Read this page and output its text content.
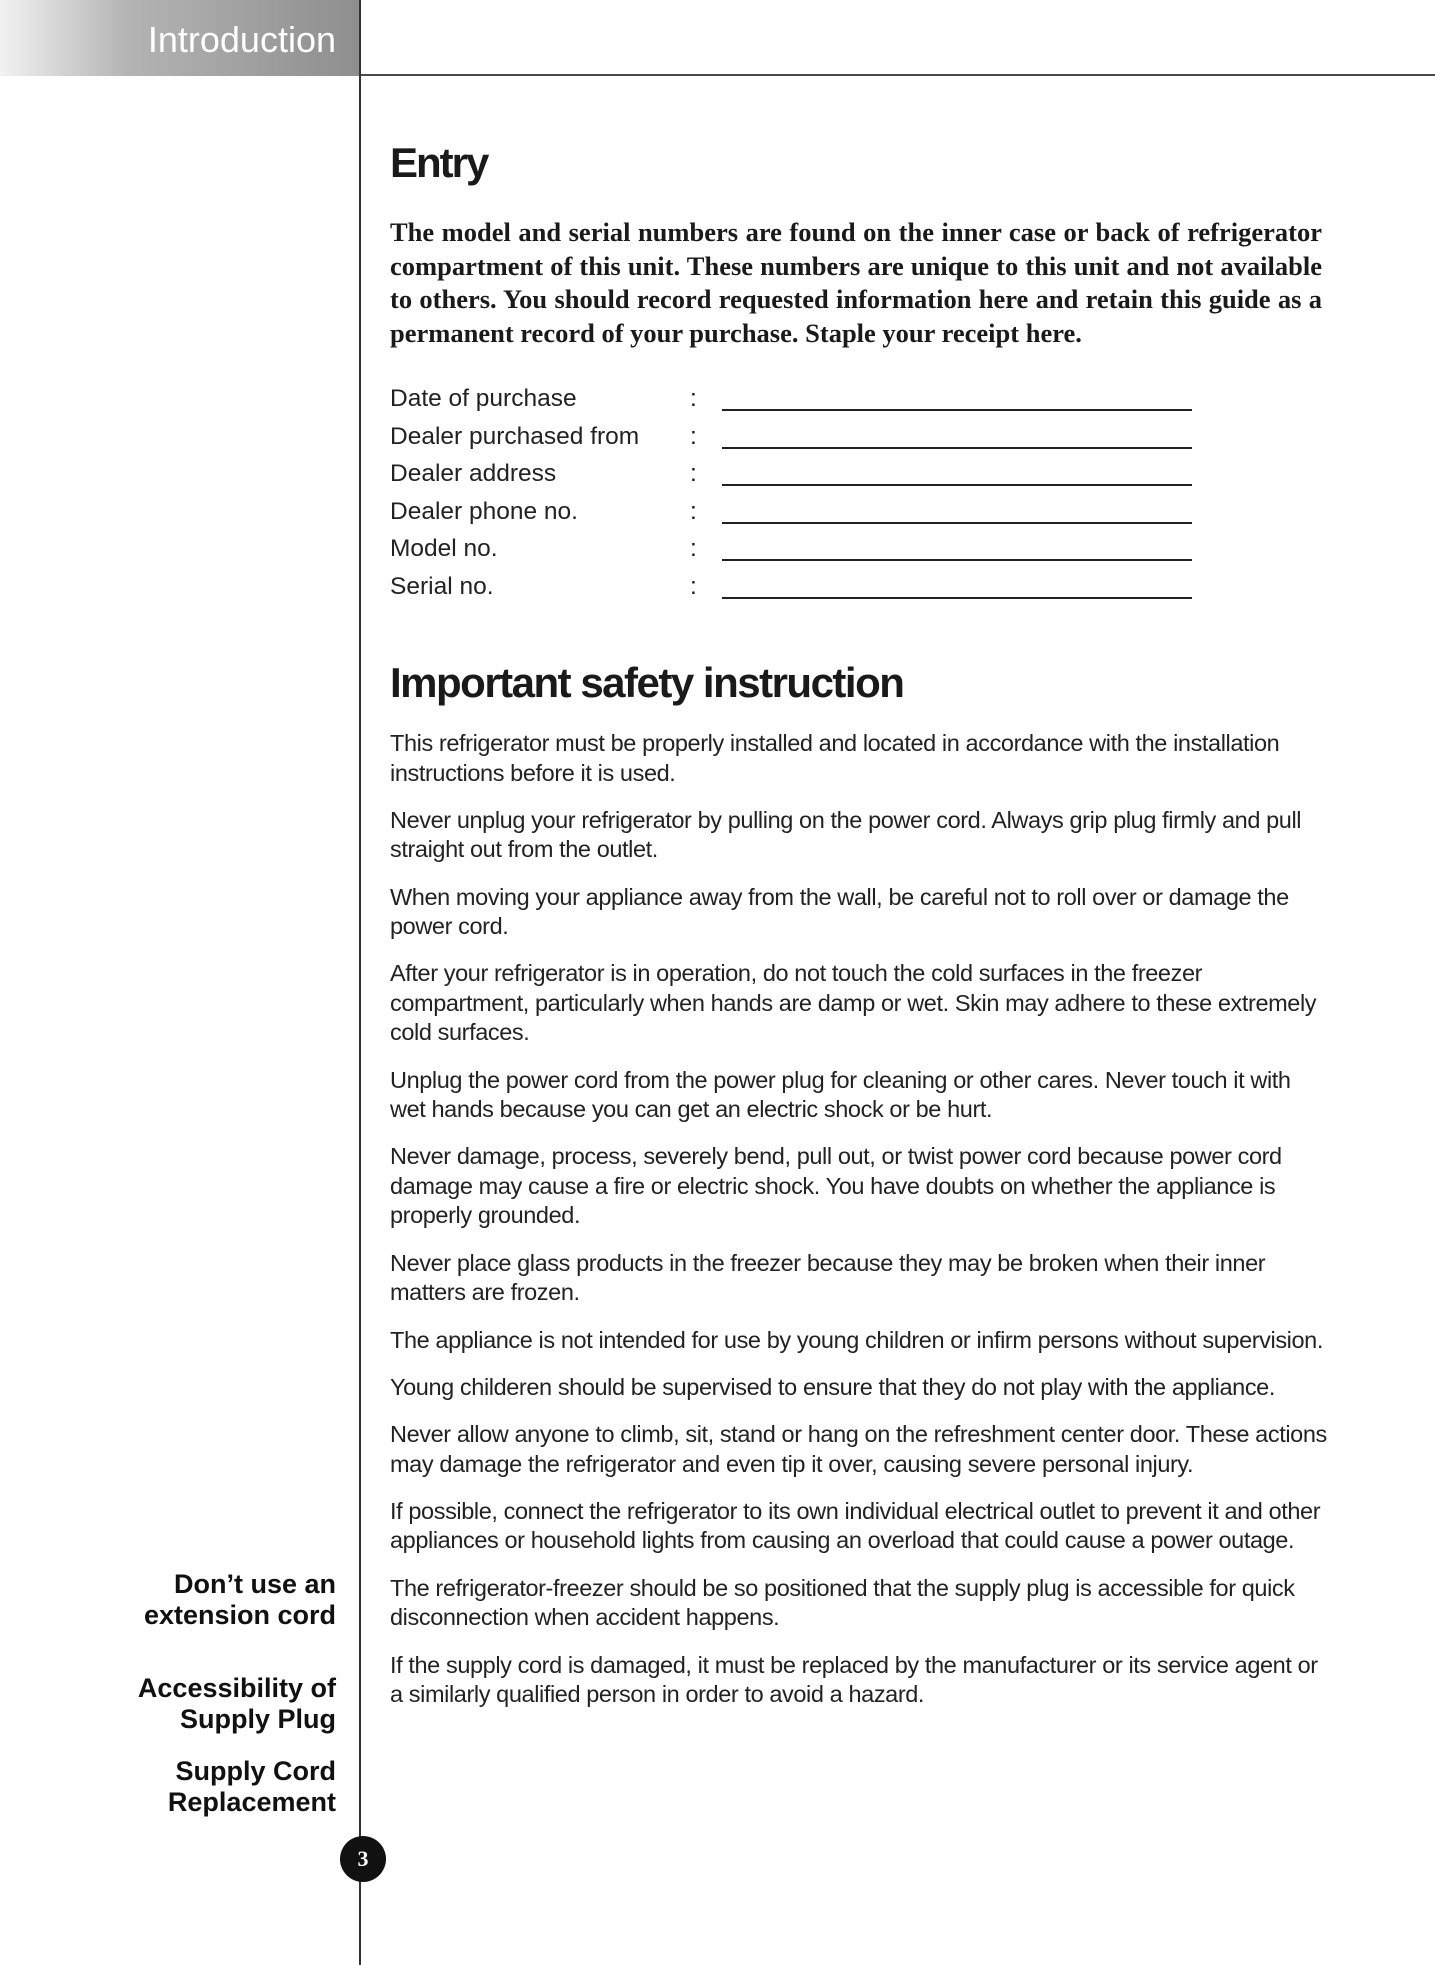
Introduction
Entry

The model and serial numbers are found on the inner case or back of refrigerator compartment of this unit. These numbers are unique to this unit and not available to others. You should record requested information here and retain this guide as a permanent record of your purchase. Staple your receipt here.

Date of purchase	:
Dealer purchased from :
Dealer address	:
Dealer phone no.	:
Model no.	:
Serial no.	:
Important safety instruction

This refrigerator must be properly installed and located in accordance with the installation instructions before it is used.

Never unplug your refrigerator by pulling on the power cord. Always grip plug firmly and pull straight out from the outlet.

When moving your appliance away from the wall, be careful not to roll over or damage the power cord.

After your refrigerator is in operation, do not touch the cold surfaces in the freezer compartment, particularly when hands are damp or wet. Skin may adhere to these extremely cold surfaces.

Unplug the power cord from the power plug for cleaning or other cares. Never touch it with wet hands because you can get an electric shock or be hurt.

Never damage, process, severely bend, pull out, or twist power cord because power cord damage may cause a fire or electric shock. You have doubts on whether the appliance is properly grounded.

Never place glass products in the freezer because they may be broken when their inner matters are frozen.

The appliance is not intended for use by young children or infirm persons without supervision.

Young childeren should be supervised to ensure that they do not play with the appliance.

Never allow anyone to climb, sit, stand or hang on the refreshment center door. These actions may damage the refrigerator and even tip it over, causing severe personal injury.

If possible, connect the refrigerator to its own individual electrical outlet to prevent it and other appliances or household lights from causing an overload that could cause a power outage.

The refrigerator-freezer should be so positioned that the supply plug is accessible for quick disconnection when accident happens.

If the supply cord is damaged, it must be replaced by the manufacturer or its service agent or a similarly qualified person in order to avoid a hazard.

Don’t use an
extension cord
Accessibility of
Supply Plug
Supply Cord
Replacement
3
